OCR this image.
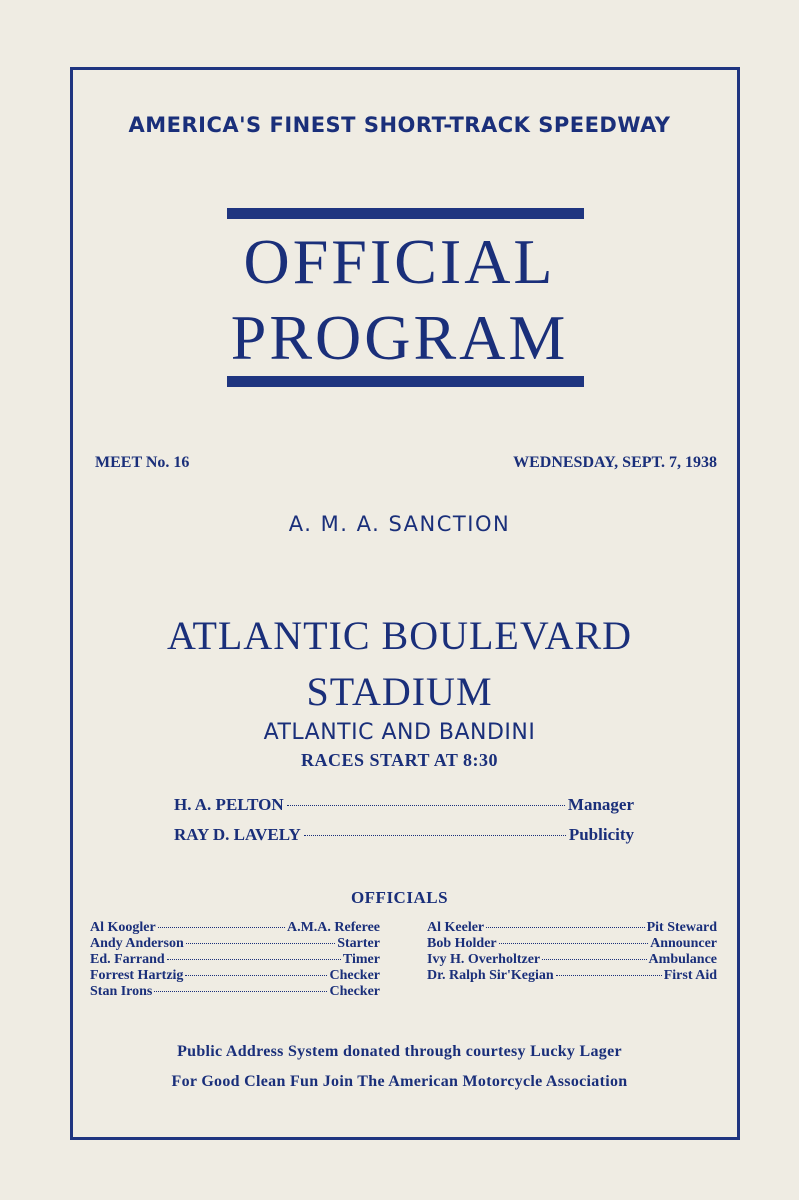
AMERICA'S FINEST SHORT-TRACK SPEEDWAY
OFFICIAL
PROGRAM
MEET No. 16	WEDNESDAY, SEPT. 7, 1938
A. M. A. SANCTION
ATLANTIC BOULEVARD
STADIUM
ATLANTIC AND BANDINI
RACES START AT 8:30
H. A. PELTON	Manager
RAY D. LAVELY	Publicity
OFFICIALS
Al Koogler	A.M.A. Referee
Andy Anderson	Starter
Ed. Farrand	Timer
Forrest Hartzig	Checker
Stan Irons	Checker
Al Keeler	Pit Steward
Bob Holder	Announcer
Ivy H. Overholtzer	Ambulance
Dr. Ralph Sir'Kegian	First Aid
Public Address System donated through courtesy Lucky Lager
For Good Clean Fun Join The American Motorcycle Association
